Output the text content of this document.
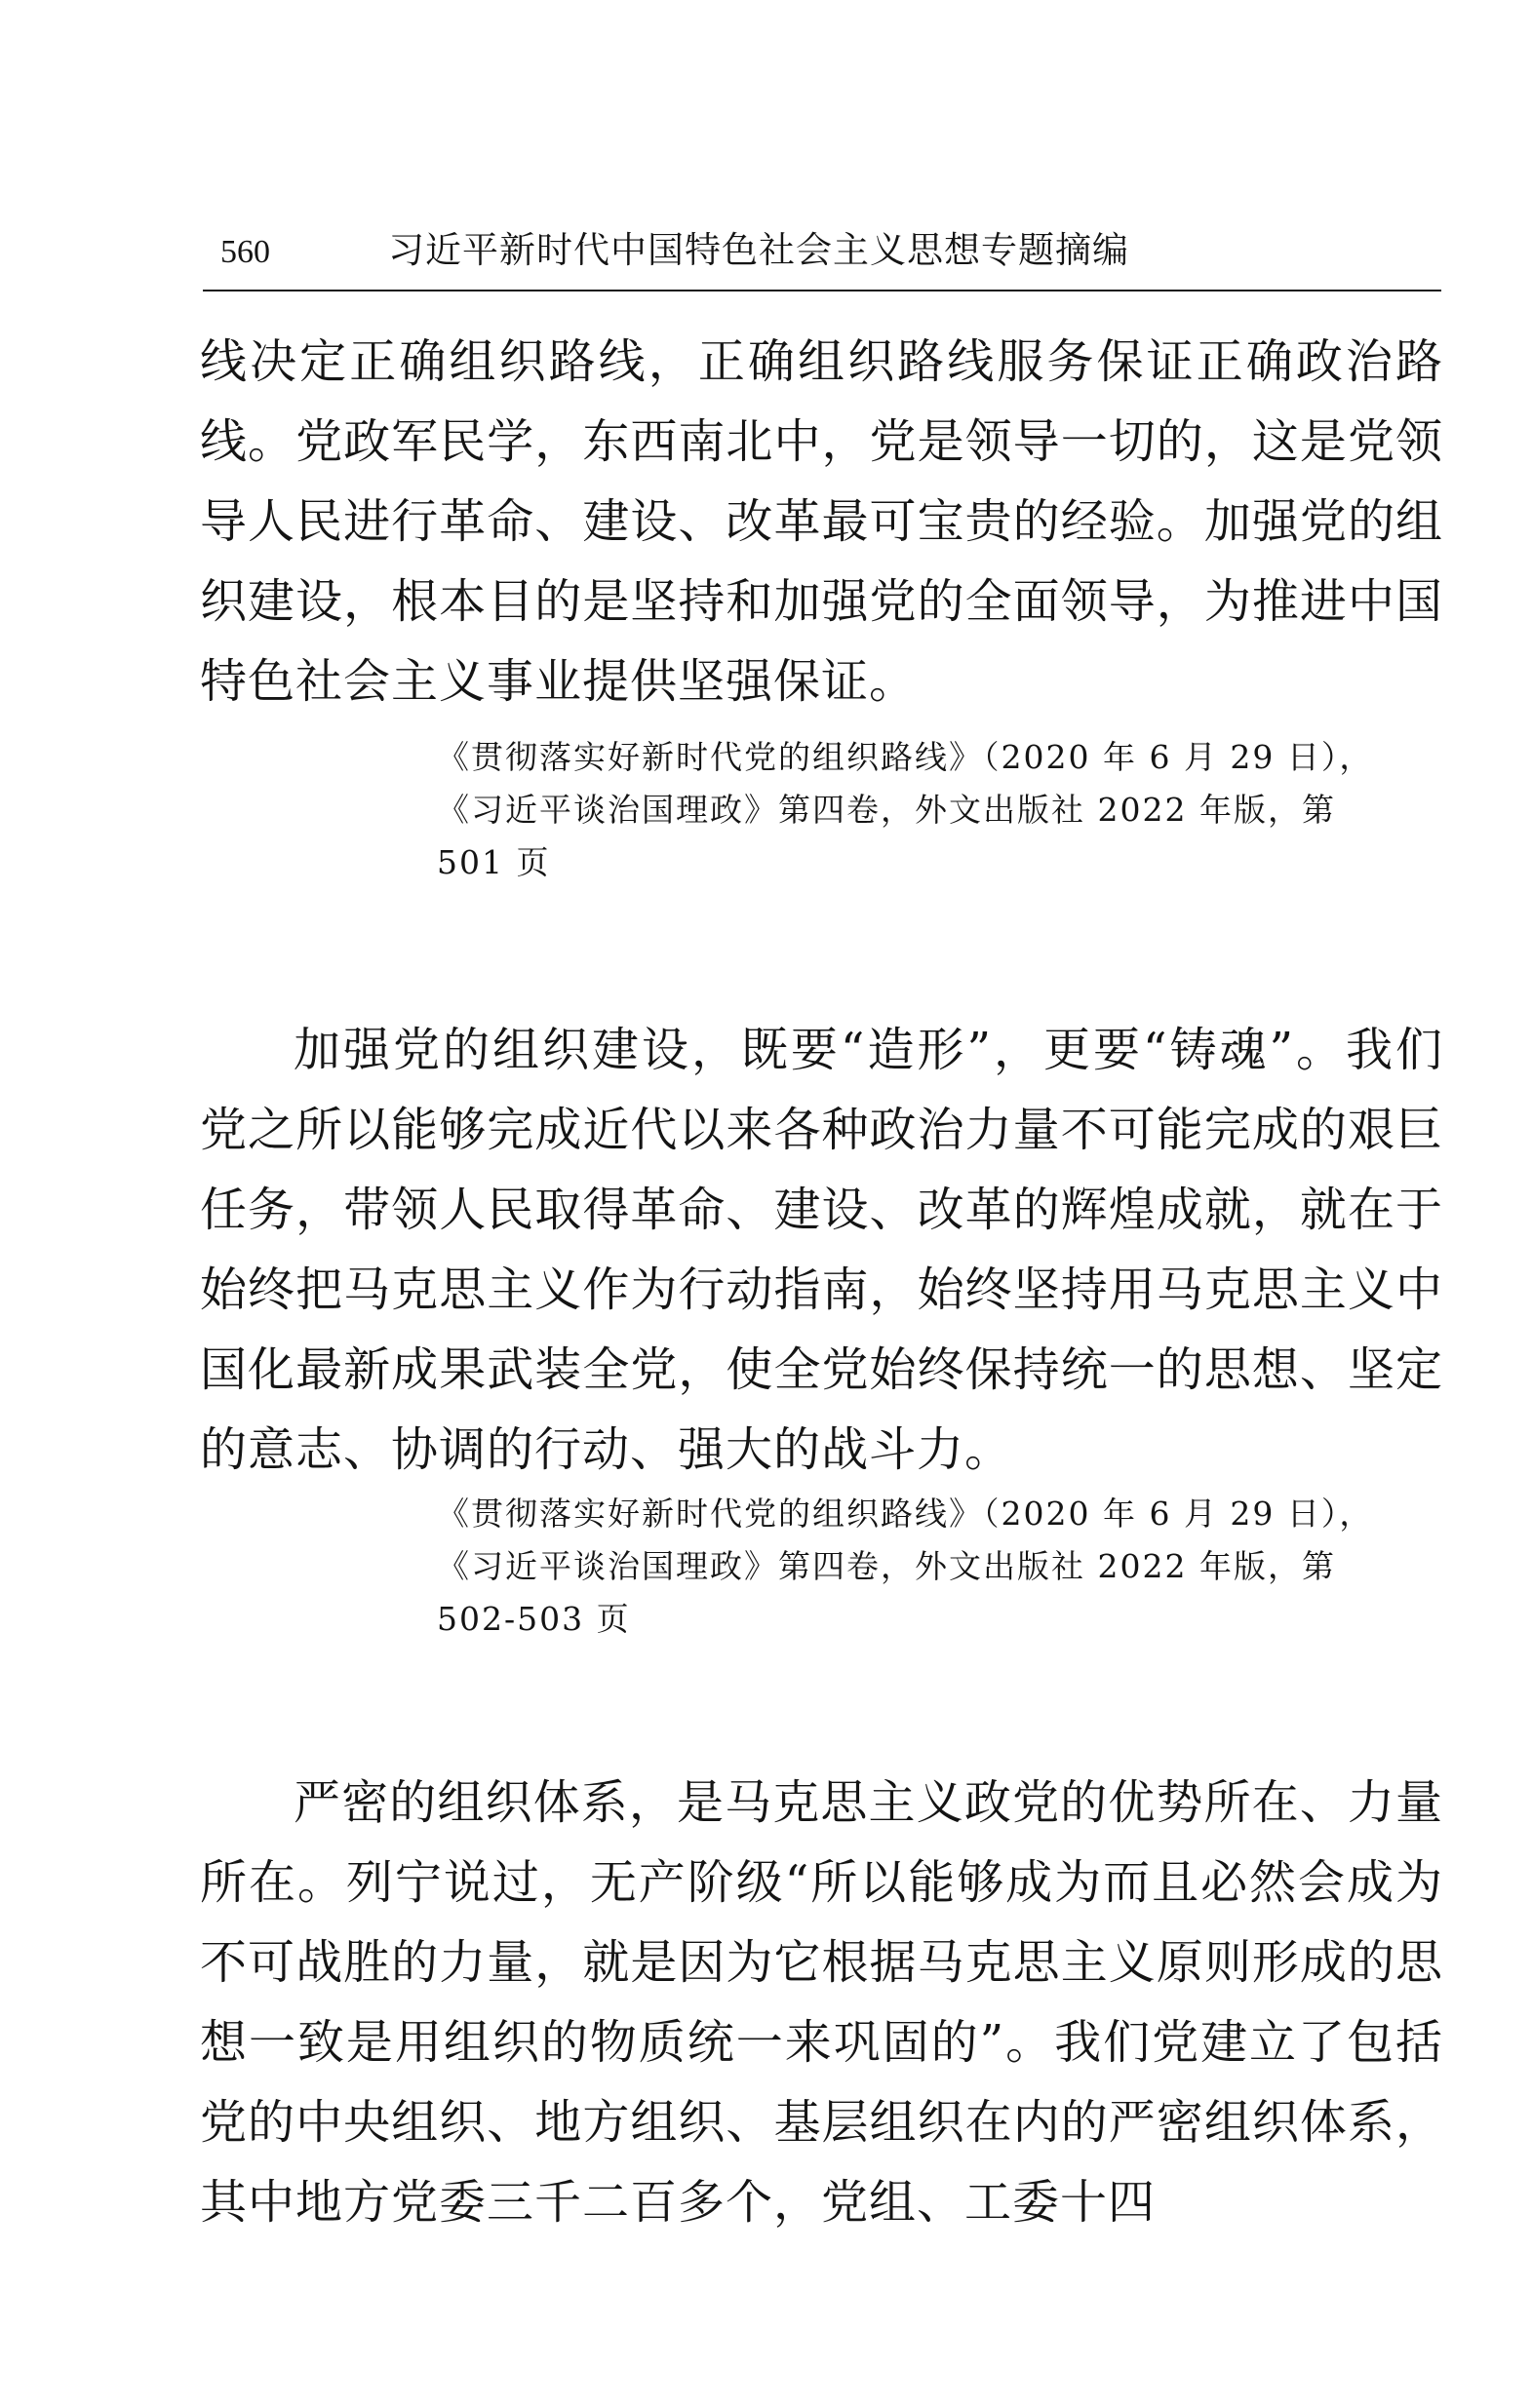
560	习近平新时代中国特色社会主义思想专题摘编

线决定正确组织路线，正确组织路线服务保证正确政治路线。党政军民学，东西南北中，党是领导一切的，这是党领导人民进行革命、建设、改革最可宝贵的经验。加强党的组织建设，根本目的是坚持和加强党的全面领导，为推进中国特色社会主义事业提供坚强保证。

《贯彻落实好新时代党的组织路线》（2020 年 6 月 29 日），
《习近平谈治国理政》第四卷，外文出版社 2022 年版，第
501 页

加强党的组织建设，既要“造形”，更要“铸魂”。我们党之所以能够完成近代以来各种政治力量不可能完成的艰巨任务，带领人民取得革命、建设、改革的辉煌成就，就在于始终把马克思主义作为行动指南，始终坚持用马克思主义中国化最新成果武装全党，使全党始终保持统一的思想、坚定的意志、协调的行动、强大的战斗力。

《贯彻落实好新时代党的组织路线》（2020 年 6 月 29 日），
《习近平谈治国理政》第四卷，外文出版社 2022 年版，第
502-503 页

严密的组织体系，是马克思主义政党的优势所在、力量所在。列宁说过，无产阶级“所以能够成为而且必然会成为不可战胜的力量，就是因为它根据马克思主义原则形成的思想一致是用组织的物质统一来巩固的”。我们党建立了包括党的中央组织、地方组织、基层组织在内的严密组织体系，其中地方党委三千二百多个，党组、工委十四
